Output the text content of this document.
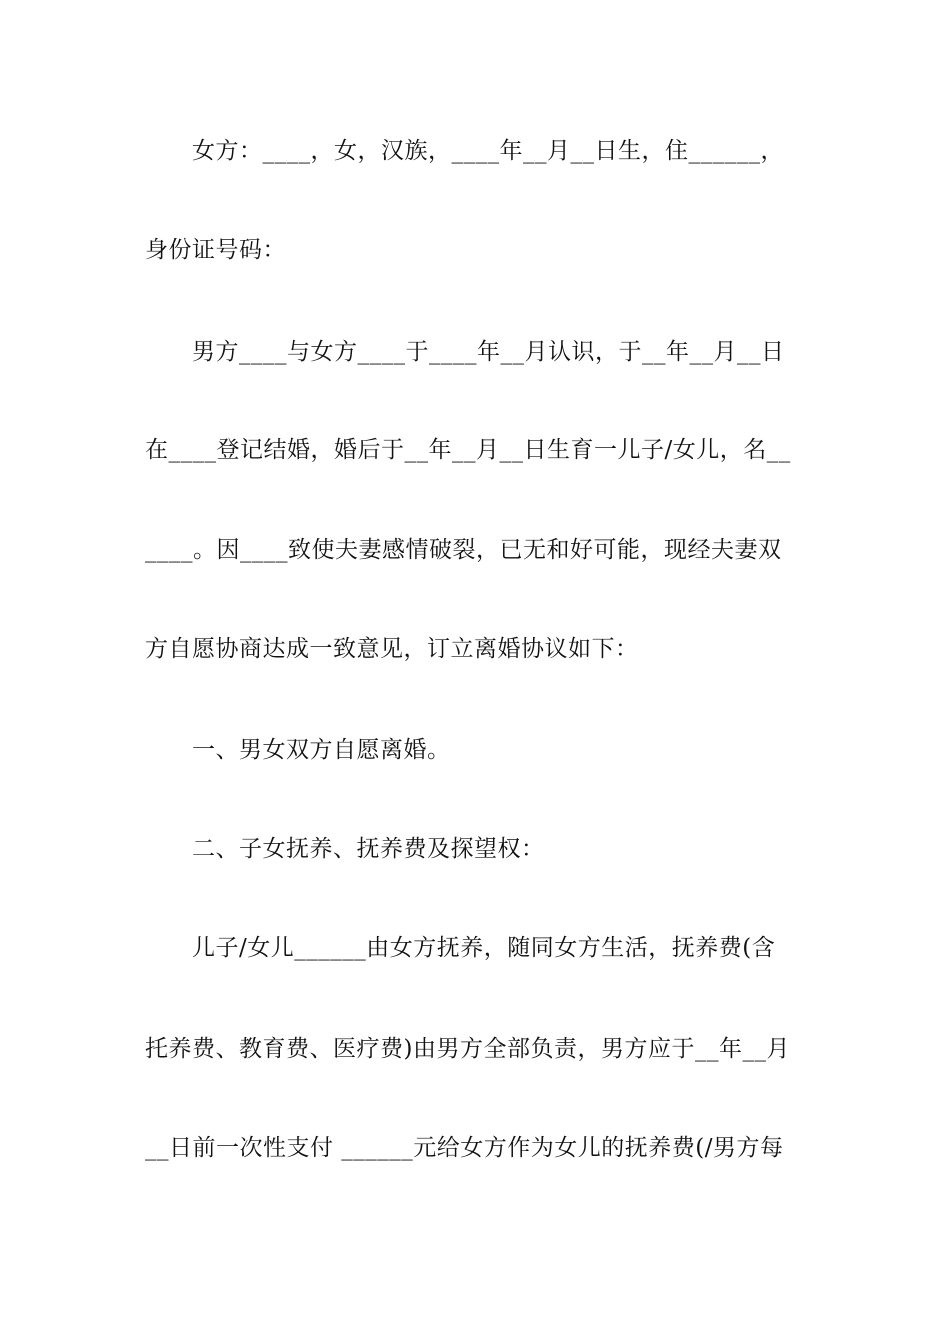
　　女方：____，女，汉族，____年__月__日生，住______，
身份证号码：
　　男方____与女方____于____年__月认识，于__年__月__日
在____登记结婚，婚后于__年__月__日生育一儿子/女儿，名__
____。因____致使夫妻感情破裂，已无和好可能，现经夫妻双
方自愿协商达成一致意见，订立离婚协议如下：
　　一、男女双方自愿离婚。
　　二、子女抚养、抚养费及探望权：
　　儿子/女儿______由女方抚养，随同女方生活，抚养费(含
托养费、教育费、医疗费)由男方全部负责，男方应于__年__月
__日前一次性支付 ______元给女方作为女儿的抚养费(/男方每
